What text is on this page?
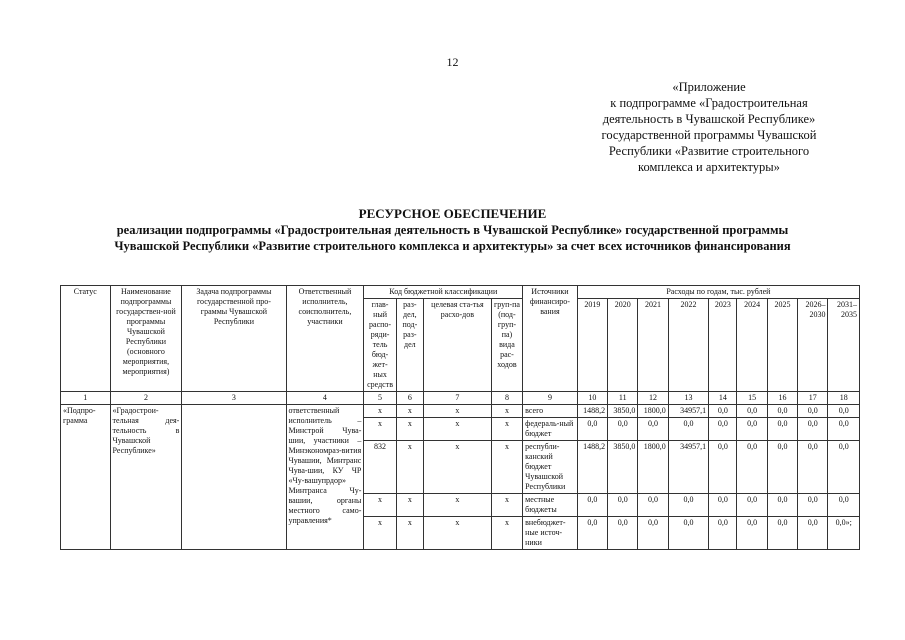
12
«Приложение
к подпрограмме «Градостроительная
деятельность в Чувашской Республике»
государственной программы Чувашской
Республики «Развитие строительного
комплекса и архитектуры»
РЕСУРСНОЕ ОБЕСПЕЧЕНИЕ
реализации подпрограммы «Градостроительная деятельность в Чувашской Республике» государственной программы
Чувашской Республики «Развитие строительного комплекса и архитектуры» за счет всех источников финансирования
Статус	Наименование подпрограммы государствен-ной программы Чувашской Республики (основного мероприятия, мероприятия)	Задача подпрограммы государственной про-граммы Чувашской Республики	Ответственный исполнитель, соисполнитель, участники	Код бюджетной классификации				Источники финансиро-вания	Расходы по годам, тыс. рублей								
				глав-ный распо-ряди-тель бюд-жет-ных средств	раз-дел, под-раз-дел	целевая ста-тья расхо-дов	груп-па (под-груп-па) вида рас-ходов		2019	2020	2021	2022	2023	2024	2025	2026–2030	2031–2035
1	2	3	4	5	6	7	8	9	10	11	12	13	14	15	16	17	18
«Подпро-грамма	«Градострои-тельная дея-тельность в Чувашской Республике»		ответственный исполнитель – Минстрой Чува-шии, участники – Минэкономраз-вития Чувашии, Минтранс Чува-шии, КУ ЧР «Чу-вашупрдор» Минтранса Чу-вашии, органы местного само-управления*	x	x	x	x	всего	1488,2	3850,0	1800,0	34957,1	0,0	0,0	0,0	0,0	0,0
				x	x	x	x	федераль-ный бюджет	0,0	0,0	0,0	0,0	0,0	0,0	0,0	0,0	0,0
				832	x	x	x	республи-канский бюджет Чувашской Республики	1488,2	3850,0	1800,0	34957,1	0,0	0,0	0,0	0,0	0,0
				x	x	x	x	местные бюджеты	0,0	0,0	0,0	0,0	0,0	0,0	0,0	0,0	0,0
				x	x	x	x	внебюджет-ные источ-ники	0,0	0,0	0,0	0,0	0,0	0,0	0,0	0,0	0,0»;
